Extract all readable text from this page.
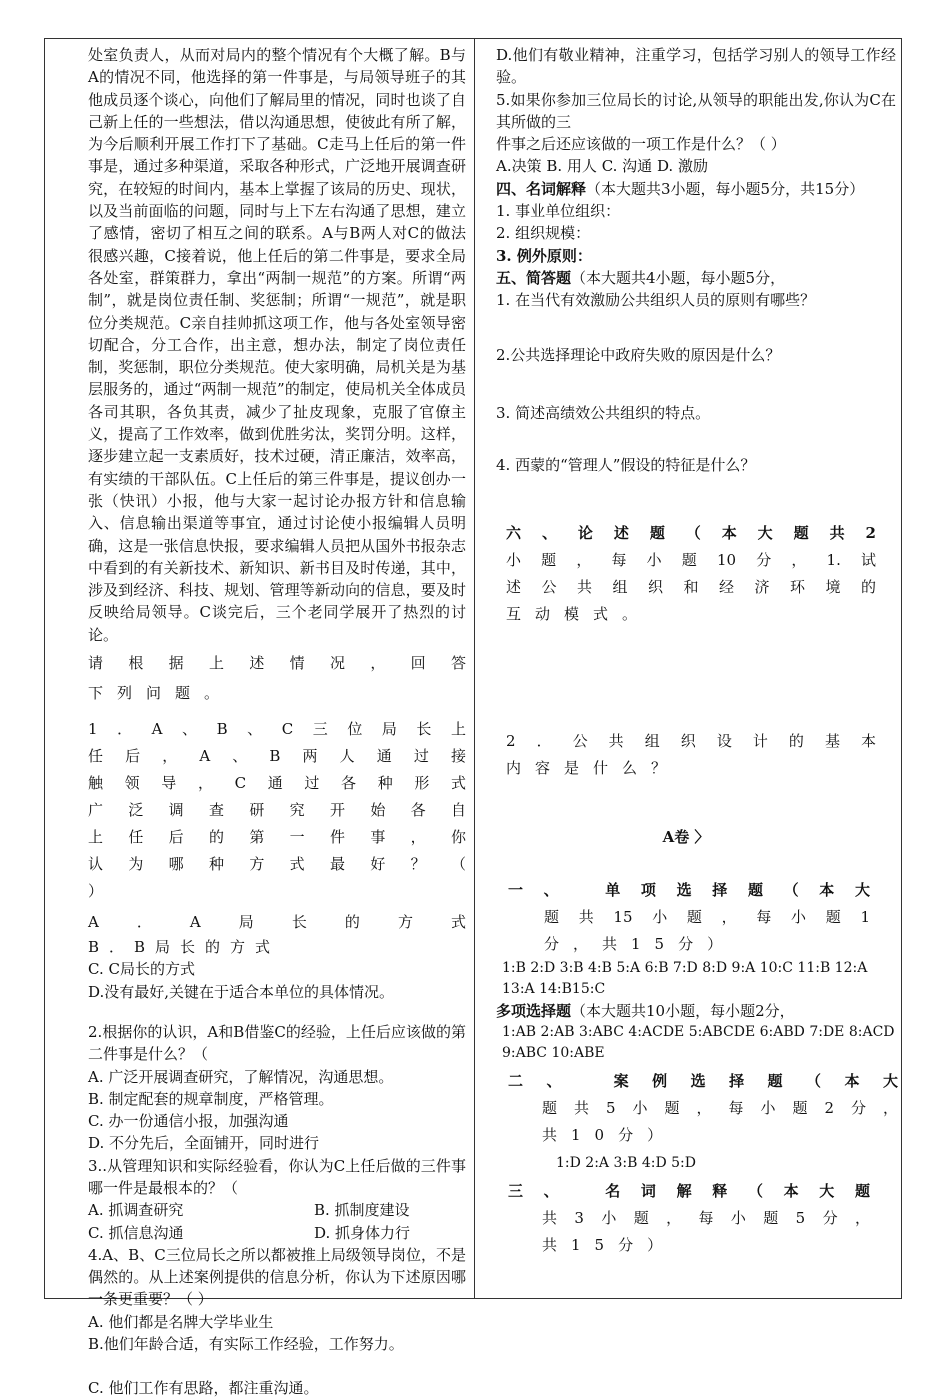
处室负责人，从而对局内的整个情况有个大概了解。B与A的情况不同，他选择的第一件事是，与局领导班子的其他成员逐个谈心，向他们了解局里的情况，同时也谈了自己新上任的一些想法，借以沟通思想，使彼此有所了解，为今后顺利开展工作打下了基础。C走马上任后的第一件事是，通过多种渠道，采取各种形式，广泛地开展调查研究，在较短的时间内，基本上掌握了该局的历史、现状，以及当前面临的问题，同时与上下左右沟通了思想，建立了感情，密切了相互之间的联系。A与B两人对C的做法很感兴趣，C接着说，他上任后的第二件事是，要求全局各处室，群策群力，拿出“两制一规范”的方案。所谓“两制”，就是岗位责任制、奖惩制；所谓“一规范”，就是职位分类规范。C亲自挂帅抓这项工作，他与各处室领导密切配合，分工合作，出主意，想办法，制定了岗位责任制，奖惩制，职位分类规范。使大家明确，局机关是为基层服务的，通过“两制一规范”的制定，使局机关全体成员各司其职，各负其责，减少了扯皮现象，克服了官僚主义，提高了工作效率，做到优胜劣汰，奖罚分明。这样，逐步建立起一支素质好，技术过硬，清正廉洁，效率高，有实绩的干部队伍。C上任后的第三件事是，提议创办一张（快讯）小报，他与大家一起讨论办报方针和信息输入、信息输出渠道等事宜，通过讨论使小报编辑人员明确，这是一张信息快报，要求编辑人员把从国外书报杂志中看到的有关新技术、新知识、新书目及时传递，其中，涉及到经济、科技、规划、管理等新动向的信息，要及时反映给局领导。C谈完后，三个老同学展开了热烈的讨论。

请根据上述情况，回答

下列问题。

1．A、B、C三位局长上

任后，A、B两人通过接

触领导，C通过各种形式

广泛调查研究开始各自

上任后的第一件事，你

认为哪种方式最好？（

）

A．A局长的方式

B．B局长的方式

C. C局长的方式

D.没有最好,关键在于适合本单位的具体情况。

2.根据你的认识，A和B借鉴C的经验，上任后应该做的第二件事是什么？（

A. 广泛开展调查研究，了解情况，沟通思想。

B. 制定配套的规章制度，严格管理。

C. 办一份通信小报，加强沟通

D. 不分先后，全面铺开，同时进行

3..从管理知识和实际经验看，你认为C上任后做的三件事哪一件是最根本的？（

A. 抓调查研究	B. 抓制度建设

C. 抓信息沟通	D. 抓身体力行

4.A、B、C三位局长之所以都被推上局级领导岗位，不是偶然的。从上述案例提供的信息分析，你认为下述原因哪一条更重要？（ ）

A. 他们都是名牌大学毕业生

B.他们年龄合适，有实际工作经验，工作努力。

C. 他们工作有思路，都注重沟通。

D.他们有敬业精神，注重学习，包括学习别人的领导工作经验。

5.如果你参加三位局长的讨论,从领导的职能出发,你认为C在其所做的三

件事之后还应该做的一项工作是什么？（ ）

A.决策 B. 用人 C. 沟通 D. 激励

四、名词解释（本大题共3小题，每小题5分，共15分）

1. 事业单位组织：

2. 组织规模：

3. 例外原则：

五、简答题（本大题共4小题，每小题5分，

1. 在当代有效激励公共组织人员的原则有哪些？

2.公共选择理论中政府失败的原因是什么？

3. 简述高绩效公共组织的特点。

4. 西蒙的“管理人”假设的特征是什么？

六、论述题（本大题共2

小题，每小题10分，1.试

述公共组织和经济环境的

互动模式。

2．公共组织设计的基本

内容是什么？

A卷 〉

一、 单项选择题（本大

题共15小题，每小题1

分，共15分）

1:B 2:D 3:B 4:B 5:A 6:B 7:D 8:D 9:A 10:C 11:B 12:A 13:A 14:B15:C

多项选择题（本大题共10小题，每小题2分，

1:AB 2:AB 3:ABC 4:ACDE 5:ABCDE 6:ABD 7:DE 8:ACD 9:ABC 10:ABE

二、 案例选择题（本大

题共5小题，每小题2分，

共10分）

1:D 2:A 3:B 4:D 5:D

三、 名词解释（本大题

共3小题，每小题5分，

共15分）
